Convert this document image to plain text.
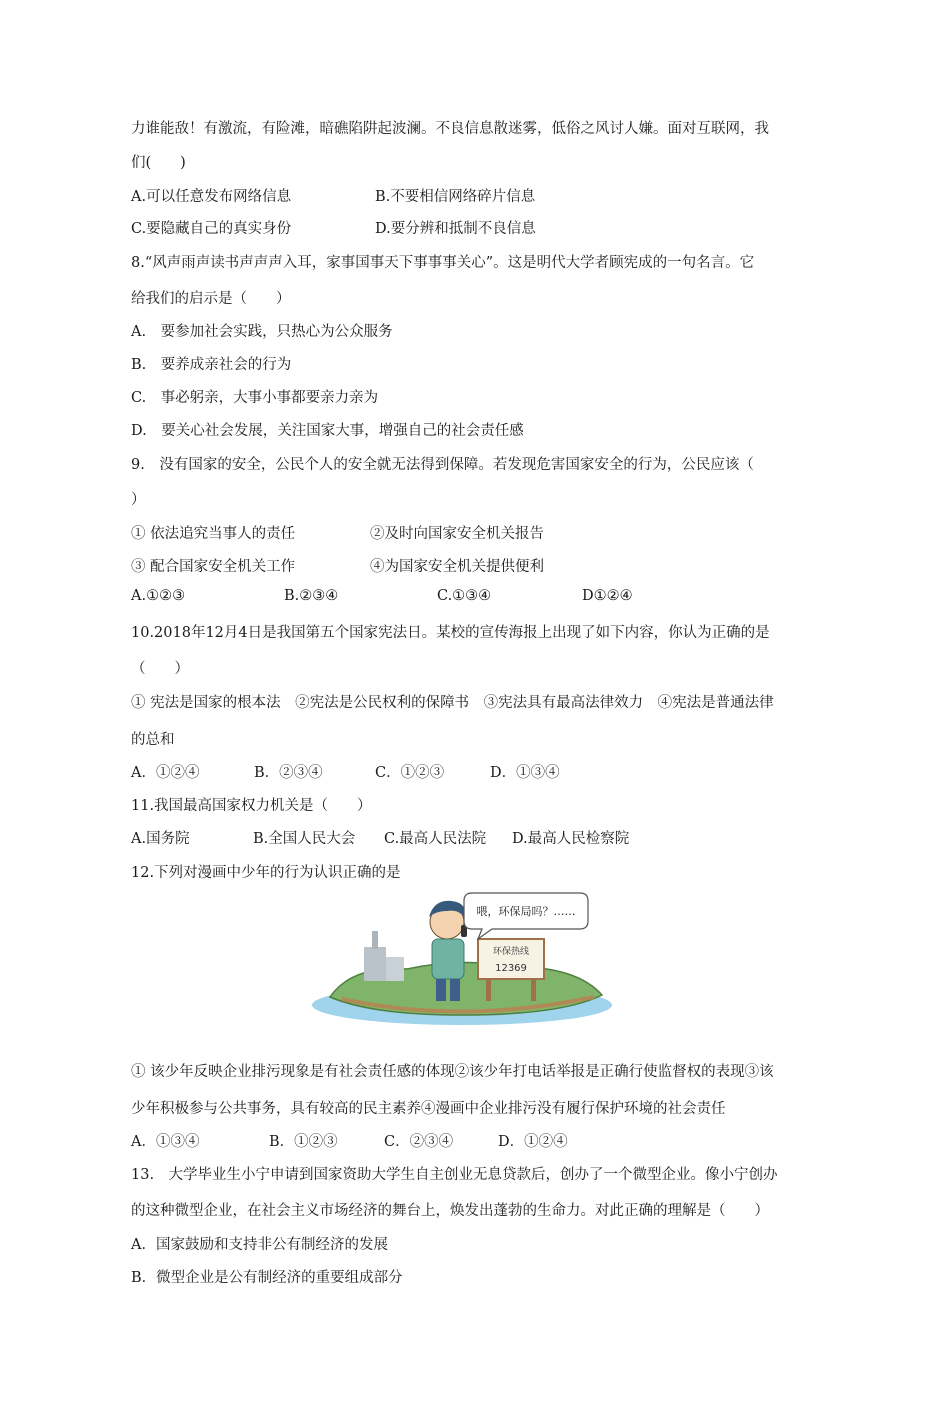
力谁能敌！有激流，有险滩，暗礁陷阱起波澜。不良信息散迷雾，低俗之风讨人嫌。面对互联网，我
们(　　)
A.可以任意发布网络信息	B.不要相信网络碎片信息
C.要隐藏自己的真实身份	D.要分辨和抵制不良信息
8.“风声雨声读书声声声入耳，家事国事天下事事事关心”。这是明代大学者顾宪成的一句名言。它
给我们的启示是（　　）
A.　要参加社会实践，只热心为公众服务
B.　要养成亲社会的行为
C.　事必躬亲，大事小事都要亲力亲为
D.　要关心社会发展，关注国家大事，增强自己的社会责任感
9.　没有国家的安全，公民个人的安全就无法得到保障。若发现危害国家安全的行为，公民应该（
）
① 依法追究当事人的责任	②及时向国家安全机关报告
③ 配合国家安全机关工作	④为国家安全机关提供便利
A.①②③	B.②③④	C.①③④	D①②④
10.2018年12月4日是我国第五个国家宪法日。某校的宣传海报上出现了如下内容，你认为正确的是
（　　）
① 宪法是国家的根本法　②宪法是公民权利的保障书　③宪法具有最高法律效力　④宪法是普通法律
的总和
A．①②④	B．②③④	C．①②③	D．①③④
11.我国最高国家权力机关是（　　）
A.国务院	B.全国人民大会 C.最高人民法院 D.最高人民检察院
12.下列对漫画中少年的行为认识正确的是
环保热线
12369
喂，环保局吗？……
① 该少年反映企业排污现象是有社会责任感的体现②该少年打电话举报是正确行使监督权的表现③该
少年积极参与公共事务，具有较高的民主素养④漫画中企业排污没有履行保护环境的社会责任
A．①③④	B．①②③	C．②③④	D．①②④
13.　大学毕业生小宁申请到国家资助大学生自主创业无息贷款后，创办了一个微型企业。像小宁创办
的这种微型企业，在社会主义市场经济的舞台上，焕发出蓬勃的生命力。对此正确的理解是（　　）
A．国家鼓励和支持非公有制经济的发展
B．微型企业是公有制经济的重要组成部分
